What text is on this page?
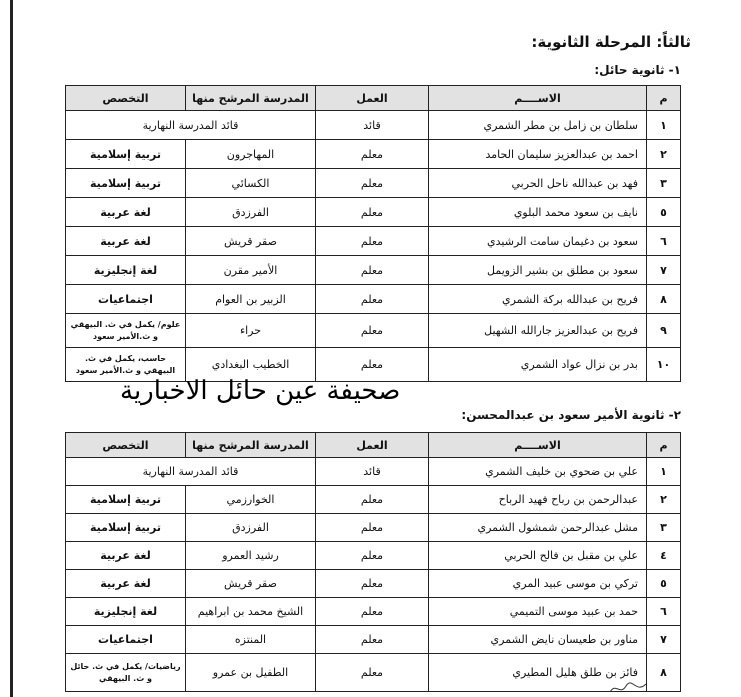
ثالثاً: المرحلة الثانوية:
١- ثانوية حائل:
م	الاســــم	العمل	المدرسة المرشح منها	التخصص
١	سلطان بن زامل بن مطر الشمري	قائد	قائد المدرسة النهارية	
٢	احمد بن عبدالعزيز سليمان الحامد	معلم	المهاجرون	تربية إسلامية
٣	فهد بن عبدالله ناحل الحربي	معلم	الكسائي	تربية إسلامية
٥	نايف بن سعود محمد البلوي	معلم	الفرزدق	لغة عربية
٦	سعود بن دغيمان سامت الرشيدي	معلم	صقر قريش	لغة عربية
٧	سعود بن مطلق بن بشير الزويمل	معلم	الأمير مقرن	لغة إنجليزية
٨	فريح بن عبدالله بركة الشمري	معلم	الزبير بن العوام	اجتماعيات
٩	فريح بن عبدالعزيز جارالله الشهيل	معلم	حراء	علوم/ يكمل في ث. البيهقي و ث.الأمير سعود
١٠	بدر بن نزال عواد الشمري	معلم	الخطيب البغدادي	حاسب، يكمل في ث. البيهقي و ث.الأمير سعود
صحيفة عين حائل الاخبارية
٢- ثانوية الأمير سعود بن عبدالمحسن:
م	الاســــم	العمل	المدرسة المرشح منها	التخصص
١	علي بن ضحوي بن خليف الشمري	قائد	قائد المدرسة النهارية	
٢	عبدالرحمن بن رباح فهيد الرباح	معلم	الخوارزمي	تربية إسلامية
٣	مشل عبدالرحمن شمشول الشمري	معلم	الفرزدق	تربية إسلامية
٤	علي بن مقبل بن فالح الحربي	معلم	رشيد العمرو	لغة عربية
٥	تركي بن موسى عبيد المري	معلم	صقر قريش	لغة عربية
٦	حمد بن عبيد موسى التميمي	معلم	الشيخ محمد بن ابراهيم	لغة إنجليزية
٧	مناور بن طعيسان نايض الشمري	معلم	المنتزه	اجتماعيات
٨	فائز بن طلق هليل المطيري	معلم	الطفيل بن عمرو	رياضيات/ يكمل في ث. حائل و ث. البيهقي
